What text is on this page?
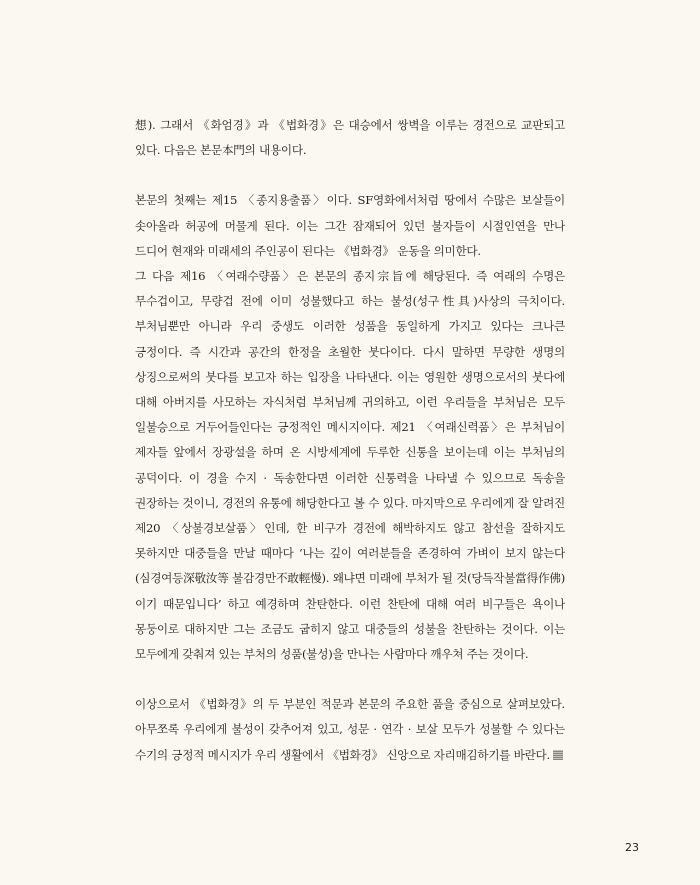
想). 그래서 《화엄경》과 《법화경》은 대승에서 쌍벽을 이루는 경전으로 교판되고 있다. 다음은 본문本門의 내용이다.

본문의 첫째는 제15 〈종지용출품〉이다. SF영화에서처럼 땅에서 수많은 보살들이 솟아올라 허공에 머물게 된다. 이는 그간 잠재되어 있던 불자들이 시절인연을 만나 드디어 현재와 미래세의 주인공이 된다는 《법화경》 운동을 의미한다.

그 다음 제16 〈여래수량품〉은 본문의 종지宗旨에 해당된다. 즉 여래의 수명은 무수겁이고, 무량겁 전에 이미 성불했다고 하는 불성(성구性具)사상의 극치이다. 부처님뿐만 아니라 우리 중생도 이러한 성품을 동일하게 가지고 있다는 크나큰 긍정이다. 즉 시간과 공간의 한정을 초월한 붓다이다. 다시 말하면 무량한 생명의 상징으로써의 붓다를 보고자 하는 입장을 나타낸다. 이는 영원한 생명으로서의 붓다에 대해 아버지를 사모하는 자식처럼 부처님께 귀의하고, 이런 우리들을 부처님은 모두 일불승으로 거두어들인다는 긍정적인 메시지이다. 제21 〈여래신력품〉은 부처님이 제자들 앞에서 장광설을 하며 온 시방세계에 두루한 신통을 보이는데 이는 부처님의 공덕이다. 이 경을 수지 · 독송한다면 이러한 신통력을 나타낼 수 있으므로 독송을 권장하는 것이니, 경전의 유통에 해당한다고 볼 수 있다. 마지막으로 우리에게 잘 알려진 제20 〈상불경보살품〉인데, 한 비구가 경전에 해박하지도 않고 참선을 잘하지도 못하지만 대중들을 만날 때마다 ‘나는 깊이 여러분들을 존경하여 가벼이 보지 않는다(심경여등深敬汝等 불감경만不敢輕慢). 왜냐면 미래에 부처가 될 것(당득작불當得作佛)이기 때문입니다’ 하고 예경하며 찬탄한다. 이런 찬탄에 대해 여러 비구들은 욕이나 몽둥이로 대하지만 그는 조금도 굽히지 않고 대중들의 성불을 찬탄하는 것이다. 이는 모두에게 갖춰져 있는 부처의 성품(불성)을 만나는 사람마다 깨우쳐 주는 것이다.

이상으로서 《법화경》의 두 부분인 적문과 본문의 주요한 품을 중심으로 살펴보았다. 아무쪼록 우리에게 불성이 갖추어져 있고, 성문 · 연각 · 보살 모두가 성불할 수 있다는 수기의 긍정적 메시지가 우리 생활에서 《법화경》 신앙으로 자리매김하기를 바란다.

23
